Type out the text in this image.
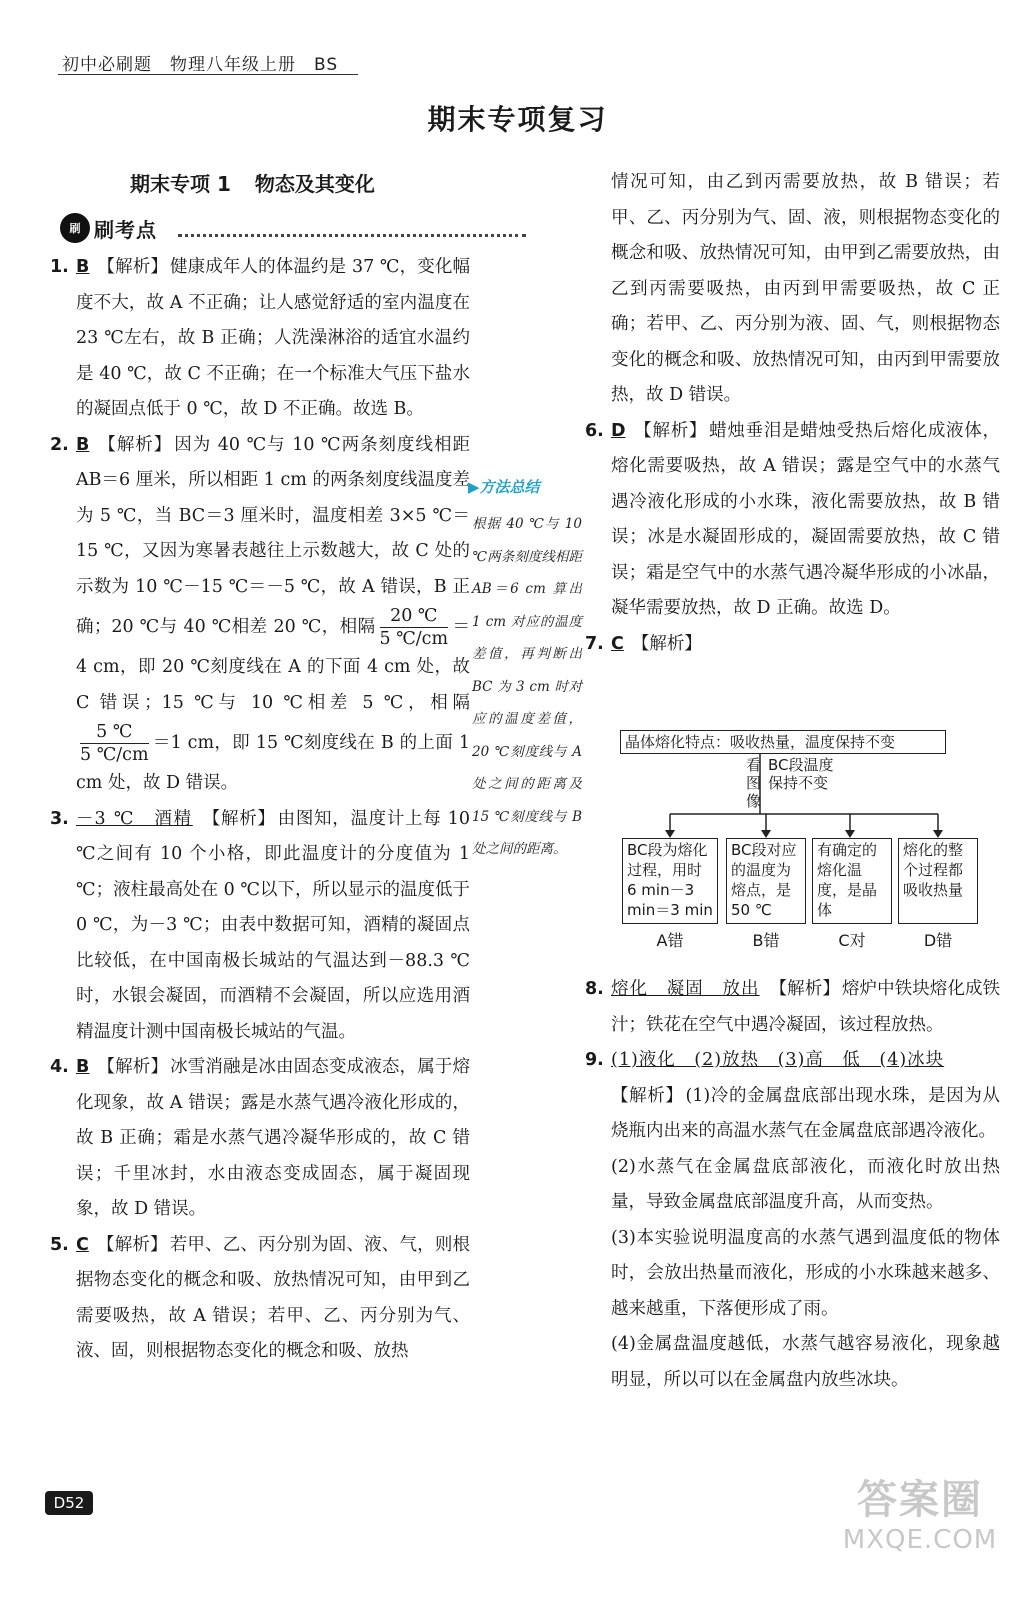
初中必刷题　物理八年级上册　BS
期末专项复习
期末专项 1 物态及其变化
刷 刷考点
1. B 【解析】 健康成年人的体温约是 37 ℃，变化幅度不大，故 A 不正确；让人感觉舒适的室内温度在 23 ℃左右，故 B 正确；人洗澡淋浴的适宜水温约是 40 ℃，故 C 不正确；在一个标准大气压下盐水的凝固点低于 0 ℃，故 D 不正确。故选 B。
2. B 【解析】 因为 40 ℃与 10 ℃两条刻度线相距 AB＝6 厘米，所以相距 1 cm 的两条刻度线温度差为 5 ℃，当 BC＝3 厘米时，温度相差 3×5 ℃＝15 ℃，又因为寒暑表越往上示数越大，故 C 处的示数为 10 ℃－15 ℃＝－5 ℃，故 A 错误，B 正确；20 ℃与 40 ℃相差 20 ℃，相隔 $\frac{20 ℃}{5 ℃/cm} =4$ cm，即 20 ℃刻度线在 A 的下面 4 cm 处，故 C 错误；15 ℃与 10 ℃相差 5 ℃，相隔
$\frac{5 ℃}{5 ℃/cm} =1$ cm，即 15 ℃刻度线在 B 的上面 1 cm 处，故 D 错误。
3. －3 ℃　酒精 【解析】 由图知，温度计上每 10 ℃之间有 10 个小格，即此温度计的分度值为 1 ℃；液柱最高处在 0 ℃以下，所以显示的温度低于 0 ℃，为－3 ℃；由表中数据可知，酒精的凝固点比较低，在中国南极长城站的气温达到－88.3 ℃时，水银会凝固，而酒精不会凝固，所以应选用酒精温度计测中国南极长城站的气温。
4. B 【解析】 冰雪消融是冰由固态变成液态，属于熔化现象，故 A 错误；露是水蒸气遇冷液化形成的，故 B 正确；霜是水蒸气遇冷凝华形成的，故 C 错误；千里冰封，水由液态变成固态，属于凝固现象，故 D 错误。
5. C 【解析】 若甲、乙、丙分别为固、液、气，则根据物态变化的概念和吸、放热情况可知，由甲到乙需要吸热，故 A 错误；若甲、乙、丙分别为气、液、固，则根据物态变化的概念和吸、放热
▶方法总结
根据 40 ℃与 10 ℃两条刻度线相距 AB＝6 cm 算出 1 cm 对应的温度差值，再判断出 BC 为 3 cm 时对应的温度差值，20 ℃刻度线与 A 处之间的距离及 15 ℃刻度线与 B 处之间的距离。
情况可知，由乙到丙需要放热，故 B 错误；若甲、乙、丙分别为气、固、液，则根据物态变化的概念和吸、放热情况可知，由甲到乙需要放热，由乙到丙需要吸热，由丙到甲需要吸热，故 C 正确；若甲、乙、丙分别为液、固、气，则根据物态变化的概念和吸、放热情况可知，由丙到甲需要放热，故 D 错误。
6. D 【解析】 蜡烛垂泪是蜡烛受热后熔化成液体，熔化需要吸热，故 A 错误；露是空气中的水蒸气遇冷液化形成的小水珠，液化需要放热，故 B 错误；冰是水凝固形成的，凝固需要放热，故 C 错误；霜是空气中的水蒸气遇冷凝华形成的小冰晶，凝华需要放热，故 D 正确。故选 D。
7. C 【解析】
晶体熔化特点：吸收热量，温度保持不变
看图像
BC段温度保持不变
BC段为熔化过程，用时 6 min－3 min＝3 min
BC段对应的温度为熔点，是 50 ℃
有确定的熔化温度，是晶体
熔化的整个过程都吸收热量
A错	B错	C对	D错
8. 熔化　凝固　放出 【解析】 熔炉中铁块熔化成铁汁；铁花在空气中遇冷凝固，该过程放热。
9. (1)液化　(2)放热　(3)高　低　(4)冰块
【解析】 (1)冷的金属盘底部出现水珠，是因为从烧瓶内出来的高温水蒸气在金属盘底部遇冷液化。
(2)水蒸气在金属盘底部液化，而液化时放出热量，导致金属盘底部温度升高，从而变热。
(3)本实验说明温度高的水蒸气遇到温度低的物体时，会放出热量而液化，形成的小水珠越来越多、越来越重，下落便形成了雨。
(4)金属盘温度越低，水蒸气越容易液化，现象越明显，所以可以在金属盘内放些冰块。
D52	答案圈
MXQE.COM
